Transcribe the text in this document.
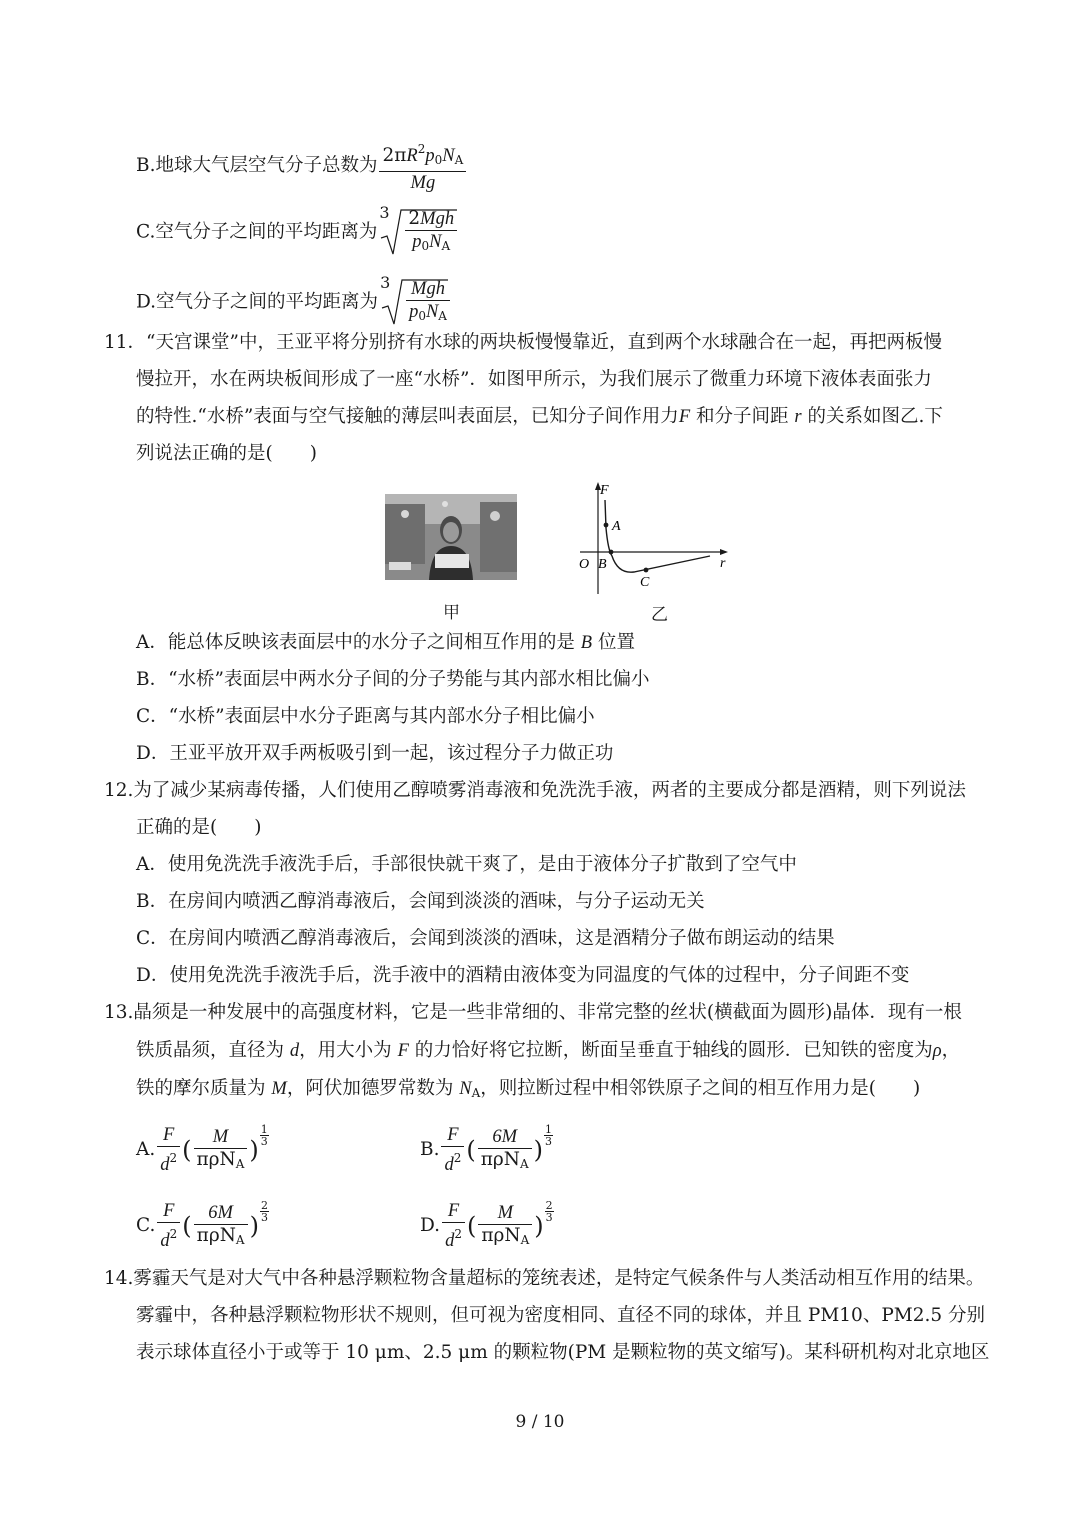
B.地球大气层空气分子总数为 $\frac{2\pi R^2p_0N_A}{Mg}$
C.空气分子之间的平均距离为
$3 \frac{\text{2Mgh}}{p_0N_A}$
D.空气分子之间的平均距离为
$3 \frac{\text{Mgh}}{p_0N_A}$
11．“天宫课堂”中，王亚平将分别挤有水球的两块板慢慢靠近，直到两个水球融合在一起，再把两板慢
慢拉开，水在两块板间形成了一座“水桥”．如图甲所示，为我们展示了微重力环境下液体表面张力
的特性.“水桥”表面与空气接触的薄层叫表面层，已知分子间作用力F 和分子间距 r 的关系如图乙.下
列说法正确的是(　　)
甲
F
A
O B
C
r
乙
A．能总体反映该表面层中的水分子之间相互作用的是 B 位置
B．“水桥”表面层中两水分子间的分子势能与其内部水相比偏小
C．“水桥”表面层中水分子距离与其内部水分子相比偏小
D．王亚平放开双手两板吸引到一起，该过程分子力做正功
12.为了减少某病毒传播，人们使用乙醇喷雾消毒液和免洗洗手液，两者的主要成分都是酒精，则下列说法
正确的是(　　)
A．使用免洗洗手液洗手后，手部很快就干爽了，是由于液体分子扩散到了空气中
B．在房间内喷洒乙醇消毒液后，会闻到淡淡的酒味，与分子运动无关
C．在房间内喷洒乙醇消毒液后，会闻到淡淡的酒味，这是酒精分子做布朗运动的结果
D．使用免洗洗手液洗手后，洗手液中的酒精由液体变为同温度的气体的过程中，分子间距不变
13.晶须是一种发展中的高强度材料，它是一些非常细的、非常完整的丝状(横截面为圆形)晶体．现有一根
铁质晶须，直径为 d，用大小为 F 的力恰好将它拉断，断面呈垂直于轴线的圆形．已知铁的密度为ρ，
铁的摩尔质量为 M，阿伏加德罗常数为 $N_A$，则拉断过程中相邻铁原子之间的相互作用力是(　　)
A. $\frac{F}{d^2}$ ( $\frac{M}{\pi\rho N_A}$ )
$\frac{1}{3}$
B. $\frac{F}{d^2}$ ( $\frac{6M}{\pi\rho N_A}$ )
$\frac{1}{3}$
C. $\frac{F}{d^2}$ ( $\frac{6M}{\pi\rho N_A}$ )
$\frac{2}{3}$
D. $\frac{F}{d^2}$ ( $\frac{M}{\pi\rho N_A}$ )
$\frac{2}{3}$
14.雾霾天气是对大气中各种悬浮颗粒物含量超标的笼统表述，是特定气候条件与人类活动相互作用的结果。
雾霾中，各种悬浮颗粒物形状不规则，但可视为密度相同、直径不同的球体，并且 PM10、PM2.5 分别
表示球体直径小于或等于 10 μm、2.5 μm 的颗粒物(PM 是颗粒物的英文缩写)。某科研机构对北京地区
9 / 10
